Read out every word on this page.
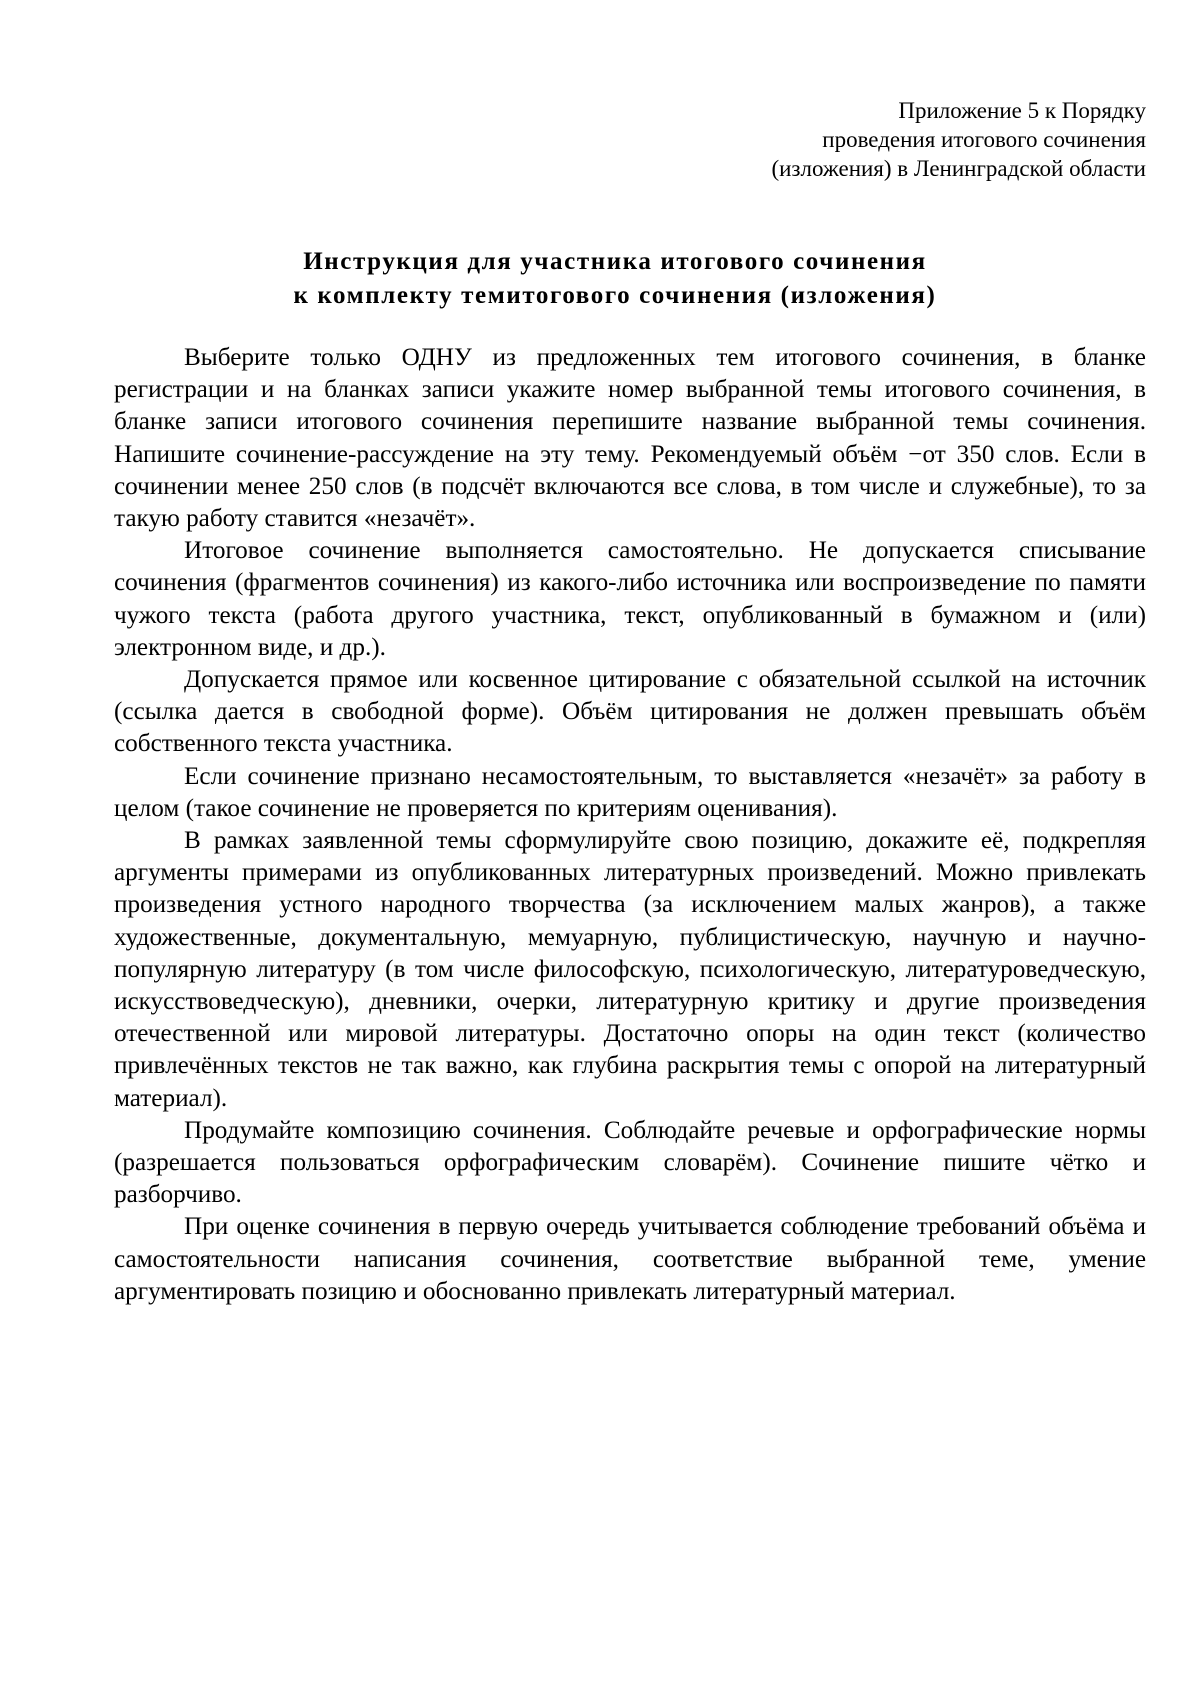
Приложение 5 к Порядку
проведения итогового сочинения
(изложения) в Ленинградской области
Инструкция для участника итогового сочинения
к комплекту темитогового сочинения (изложения)

Выберите только ОДНУ из предложенных тем итогового сочинения, в бланке регистрации и на бланках записи укажите номер выбранной темы итогового сочинения, в бланке записи итогового сочинения перепишите название выбранной темы сочинения. Напишите сочинение-рассуждение на эту тему. Рекомендуемый объём −от 350 слов. Если в сочинении менее 250 слов (в подсчёт включаются все слова, в том числе и служебные), то за такую работу ставится «незачёт».

Итоговое сочинение выполняется самостоятельно. Не допускается списывание сочинения (фрагментов сочинения) из какого-либо источника или воспроизведение по памяти чужого текста (работа другого участника, текст, опубликованный в бумажном и (или) электронном виде, и др.).

Допускается прямое или косвенное цитирование с обязательной ссылкой на источник (ссылка дается в свободной форме). Объём цитирования не должен превышать объём собственного текста участника.

Если сочинение признано несамостоятельным, то выставляется «незачёт» за работу в целом (такое сочинение не проверяется по критериям оценивания).

В рамках заявленной темы сформулируйте свою позицию, докажите её, подкрепляя аргументы примерами из опубликованных литературных произведений. Можно привлекать произведения устного народного творчества (за исключением малых жанров), а также художественные, документальную, мемуарную, публицистическую, научную и научно-популярную литературу (в том числе философскую, психологическую, литературоведческую, искусствоведческую), дневники, очерки, литературную критику и другие произведения отечественной или мировой литературы. Достаточно опоры на один текст (количество привлечённых текстов не так важно, как глубина раскрытия темы с опорой на литературный материал).

Продумайте композицию сочинения. Соблюдайте речевые и орфографические нормы (разрешается пользоваться орфографическим словарём). Сочинение пишите чётко и разборчиво.

При оценке сочинения в первую очередь учитывается соблюдение требований объёма и самостоятельности написания сочинения, соответствие выбранной теме, умение аргументировать позицию и обоснованно привлекать литературный материал.
